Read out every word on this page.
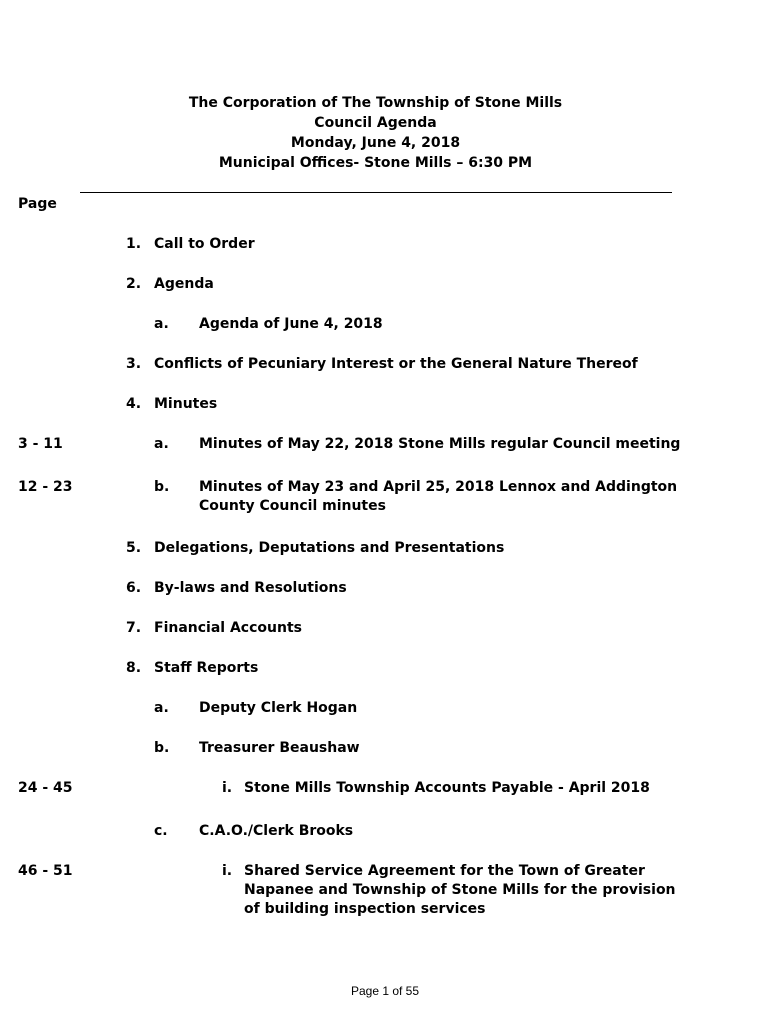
The Corporation of The Township of Stone Mills
Council Agenda
Monday, June 4, 2018
Municipal Offices- Stone Mills – 6:30 PM
Page
1. Call to Order
2. Agenda
a. Agenda of June 4, 2018
3. Conflicts of Pecuniary Interest or the General Nature Thereof
4. Minutes
3 - 11	a. Minutes of May 22, 2018 Stone Mills regular Council meeting
12 - 23	b. Minutes of May 23 and April 25, 2018 Lennox and Addington
County Council minutes
5. Delegations, Deputations and Presentations
6. By-laws and Resolutions
7. Financial Accounts
8. Staff Reports
a. Deputy Clerk Hogan
b. Treasurer Beaushaw
24 - 45	i. Stone Mills Township Accounts Payable - April 2018
c. C.A.O./Clerk Brooks
46 - 51	i. Shared Service Agreement for the Town of Greater
Napanee and Township of Stone Mills for the provision
of building inspection services
Page 1 of 55
